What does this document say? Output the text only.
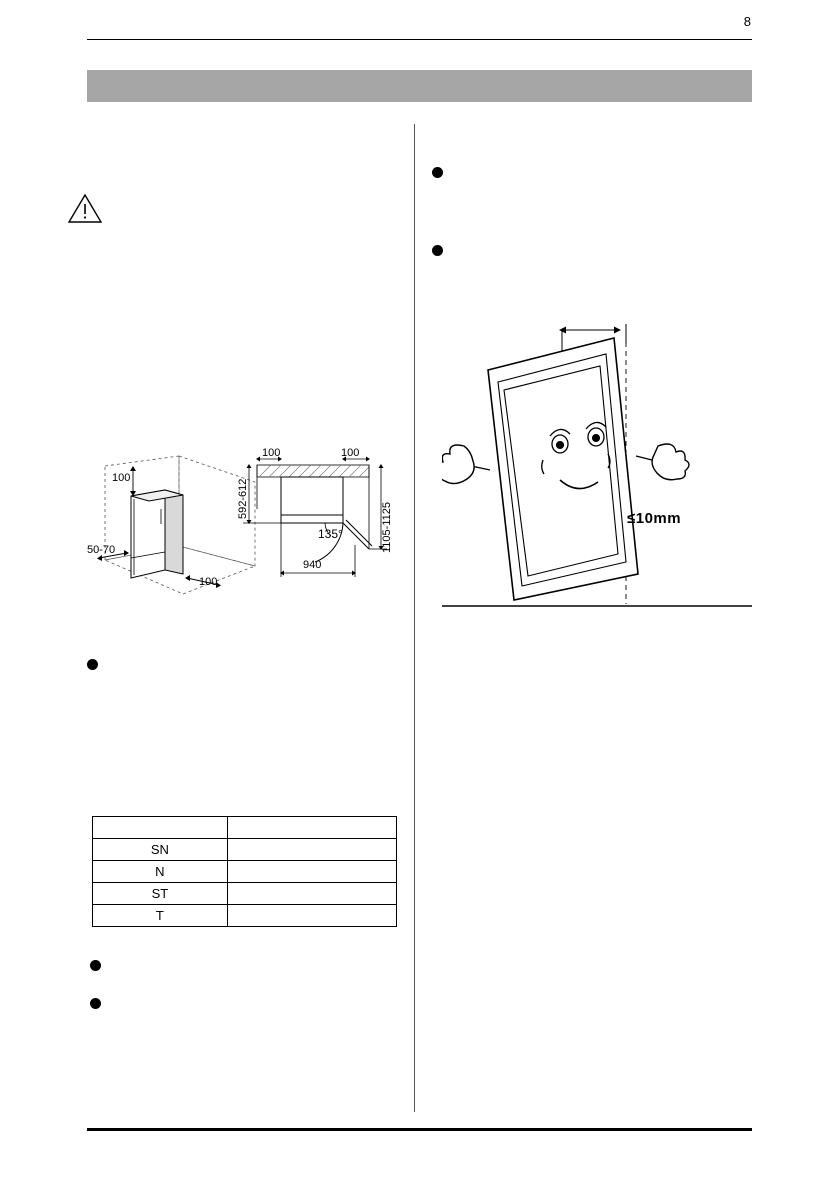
8
100
50-70
100
100
100
592-612
1105-1125
135°
940

SN	
N	
ST	
T	
≤10mm
